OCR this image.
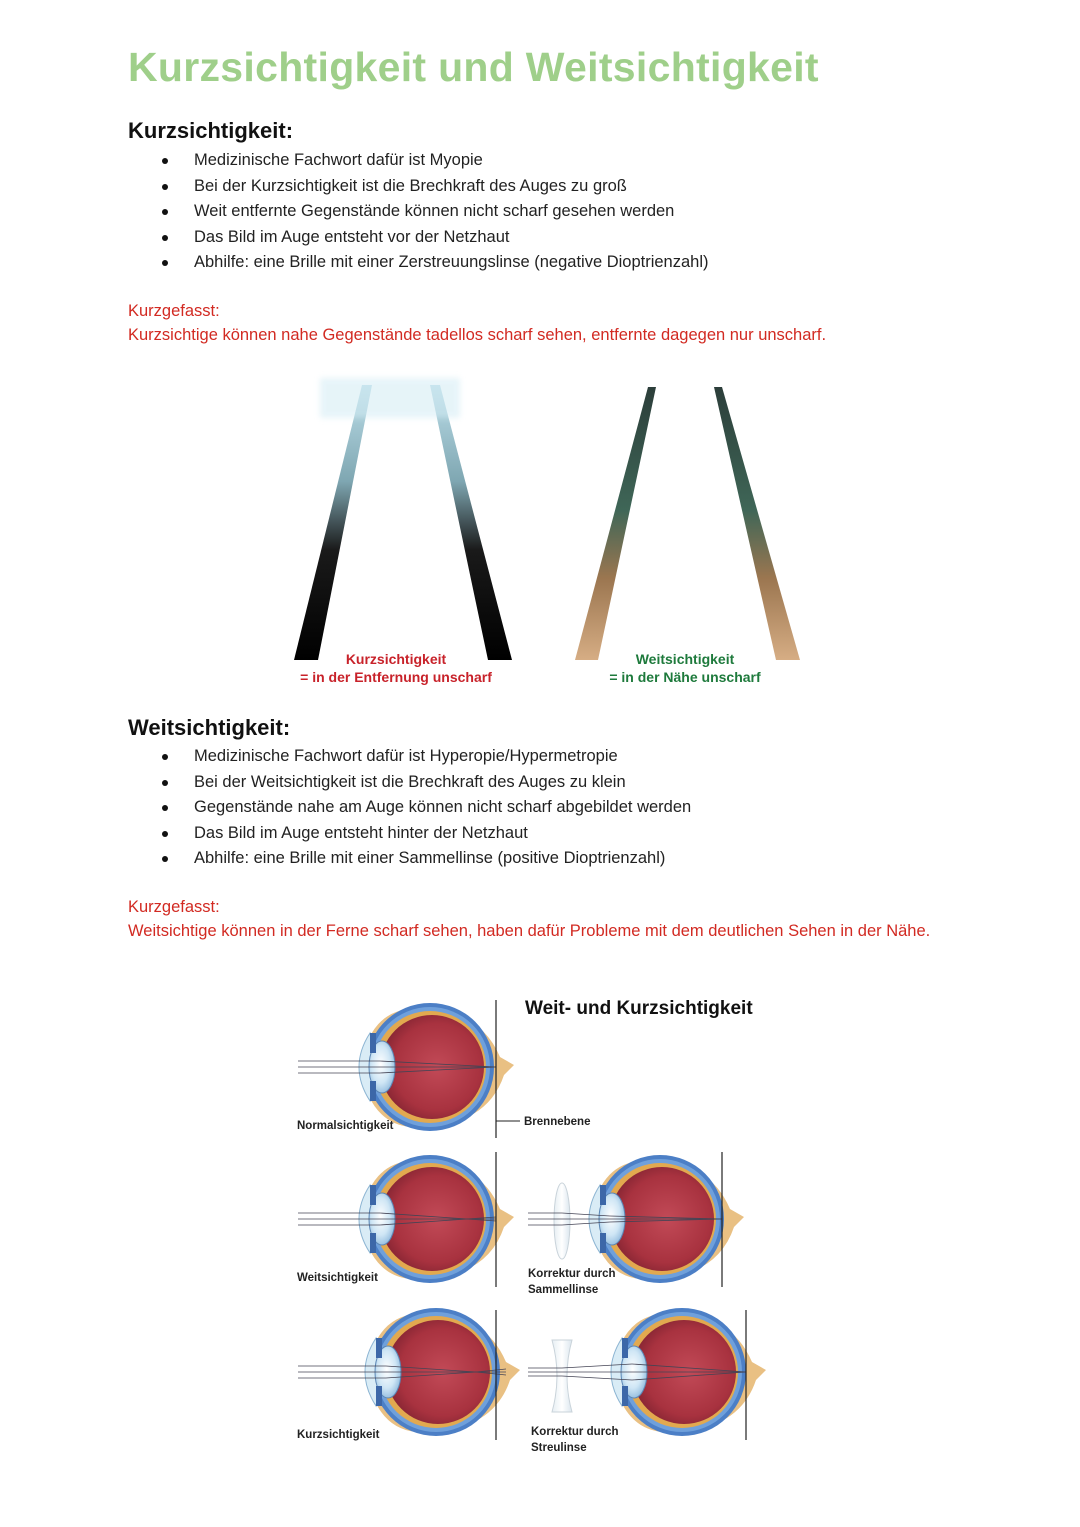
Kurzsichtigkeit und Weitsichtigkeit
Kurzsichtigkeit:
Medizinische Fachwort dafür ist Myopie
Bei der Kurzsichtigkeit ist die Brechkraft des Auges zu groß
Weit entfernte Gegenstände können nicht scharf gesehen werden
Das Bild im Auge entsteht vor der Netzhaut
Abhilfe: eine Brille mit einer Zerstreuungslinse (negative Dioptrienzahl)
Kurzgefasst:
Kurzsichtige können nahe Gegenstände tadellos scharf sehen, entfernte dagegen nur unscharf.
Kurzsichtigkeit
= in der Entfernung unscharf
Weitsichtigkeit
= in der Nähe unscharf
Weitsichtigkeit:
Medizinische Fachwort dafür ist Hyperopie/Hypermetropie
Bei der Weitsichtigkeit ist die Brechkraft des Auges zu klein
Gegenstände nahe am Auge können nicht scharf abgebildet werden
Das Bild im Auge entsteht hinter der Netzhaut
Abhilfe: eine Brille mit einer Sammellinse (positive Dioptrienzahl)
Kurzgefasst:
Weitsichtige können in der Ferne scharf sehen, haben dafür Probleme mit dem deutlichen Sehen in der Nähe.
Weit- und Kurzsichtigkeit
Normalsichtigkeit	Brennebene
Weitsichtigkeit	Korrektur durch
Sammellinse
Kurzsichtigkeit	Korrektur durch
Streulinse
